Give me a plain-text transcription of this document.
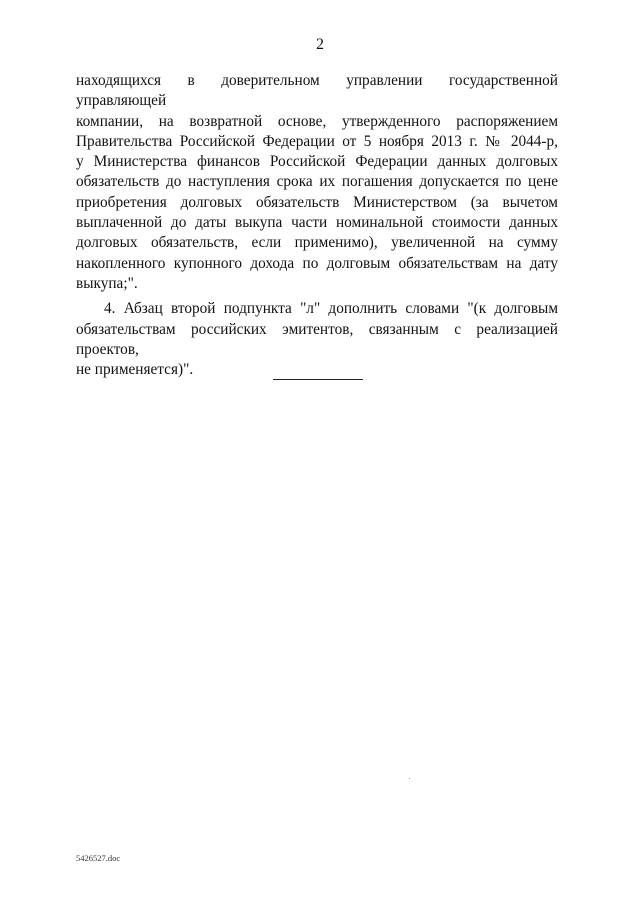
2

находящихся в доверительном управлении государственной управляющей
компании, на возвратной основе, утвержденного распоряжением
Правительства Российской Федерации от 5 ноября 2013 г. № 2044-р,
у Министерства финансов Российской Федерации данных долговых
обязательств до наступления срока их погашения допускается по цене
приобретения долговых обязательств Министерством (за вычетом
выплаченной до даты выкупа части номинальной стоимости данных
долговых обязательств, если применимо), увеличенной на сумму
накопленного купонного дохода по долговым обязательствам на дату
выкупа;".

4. Абзац второй подпункта "л" дополнить словами "(к долговым
обязательствам российских эмитентов, связанным с реализацией проектов,
не применяется)".

5426527.doc
